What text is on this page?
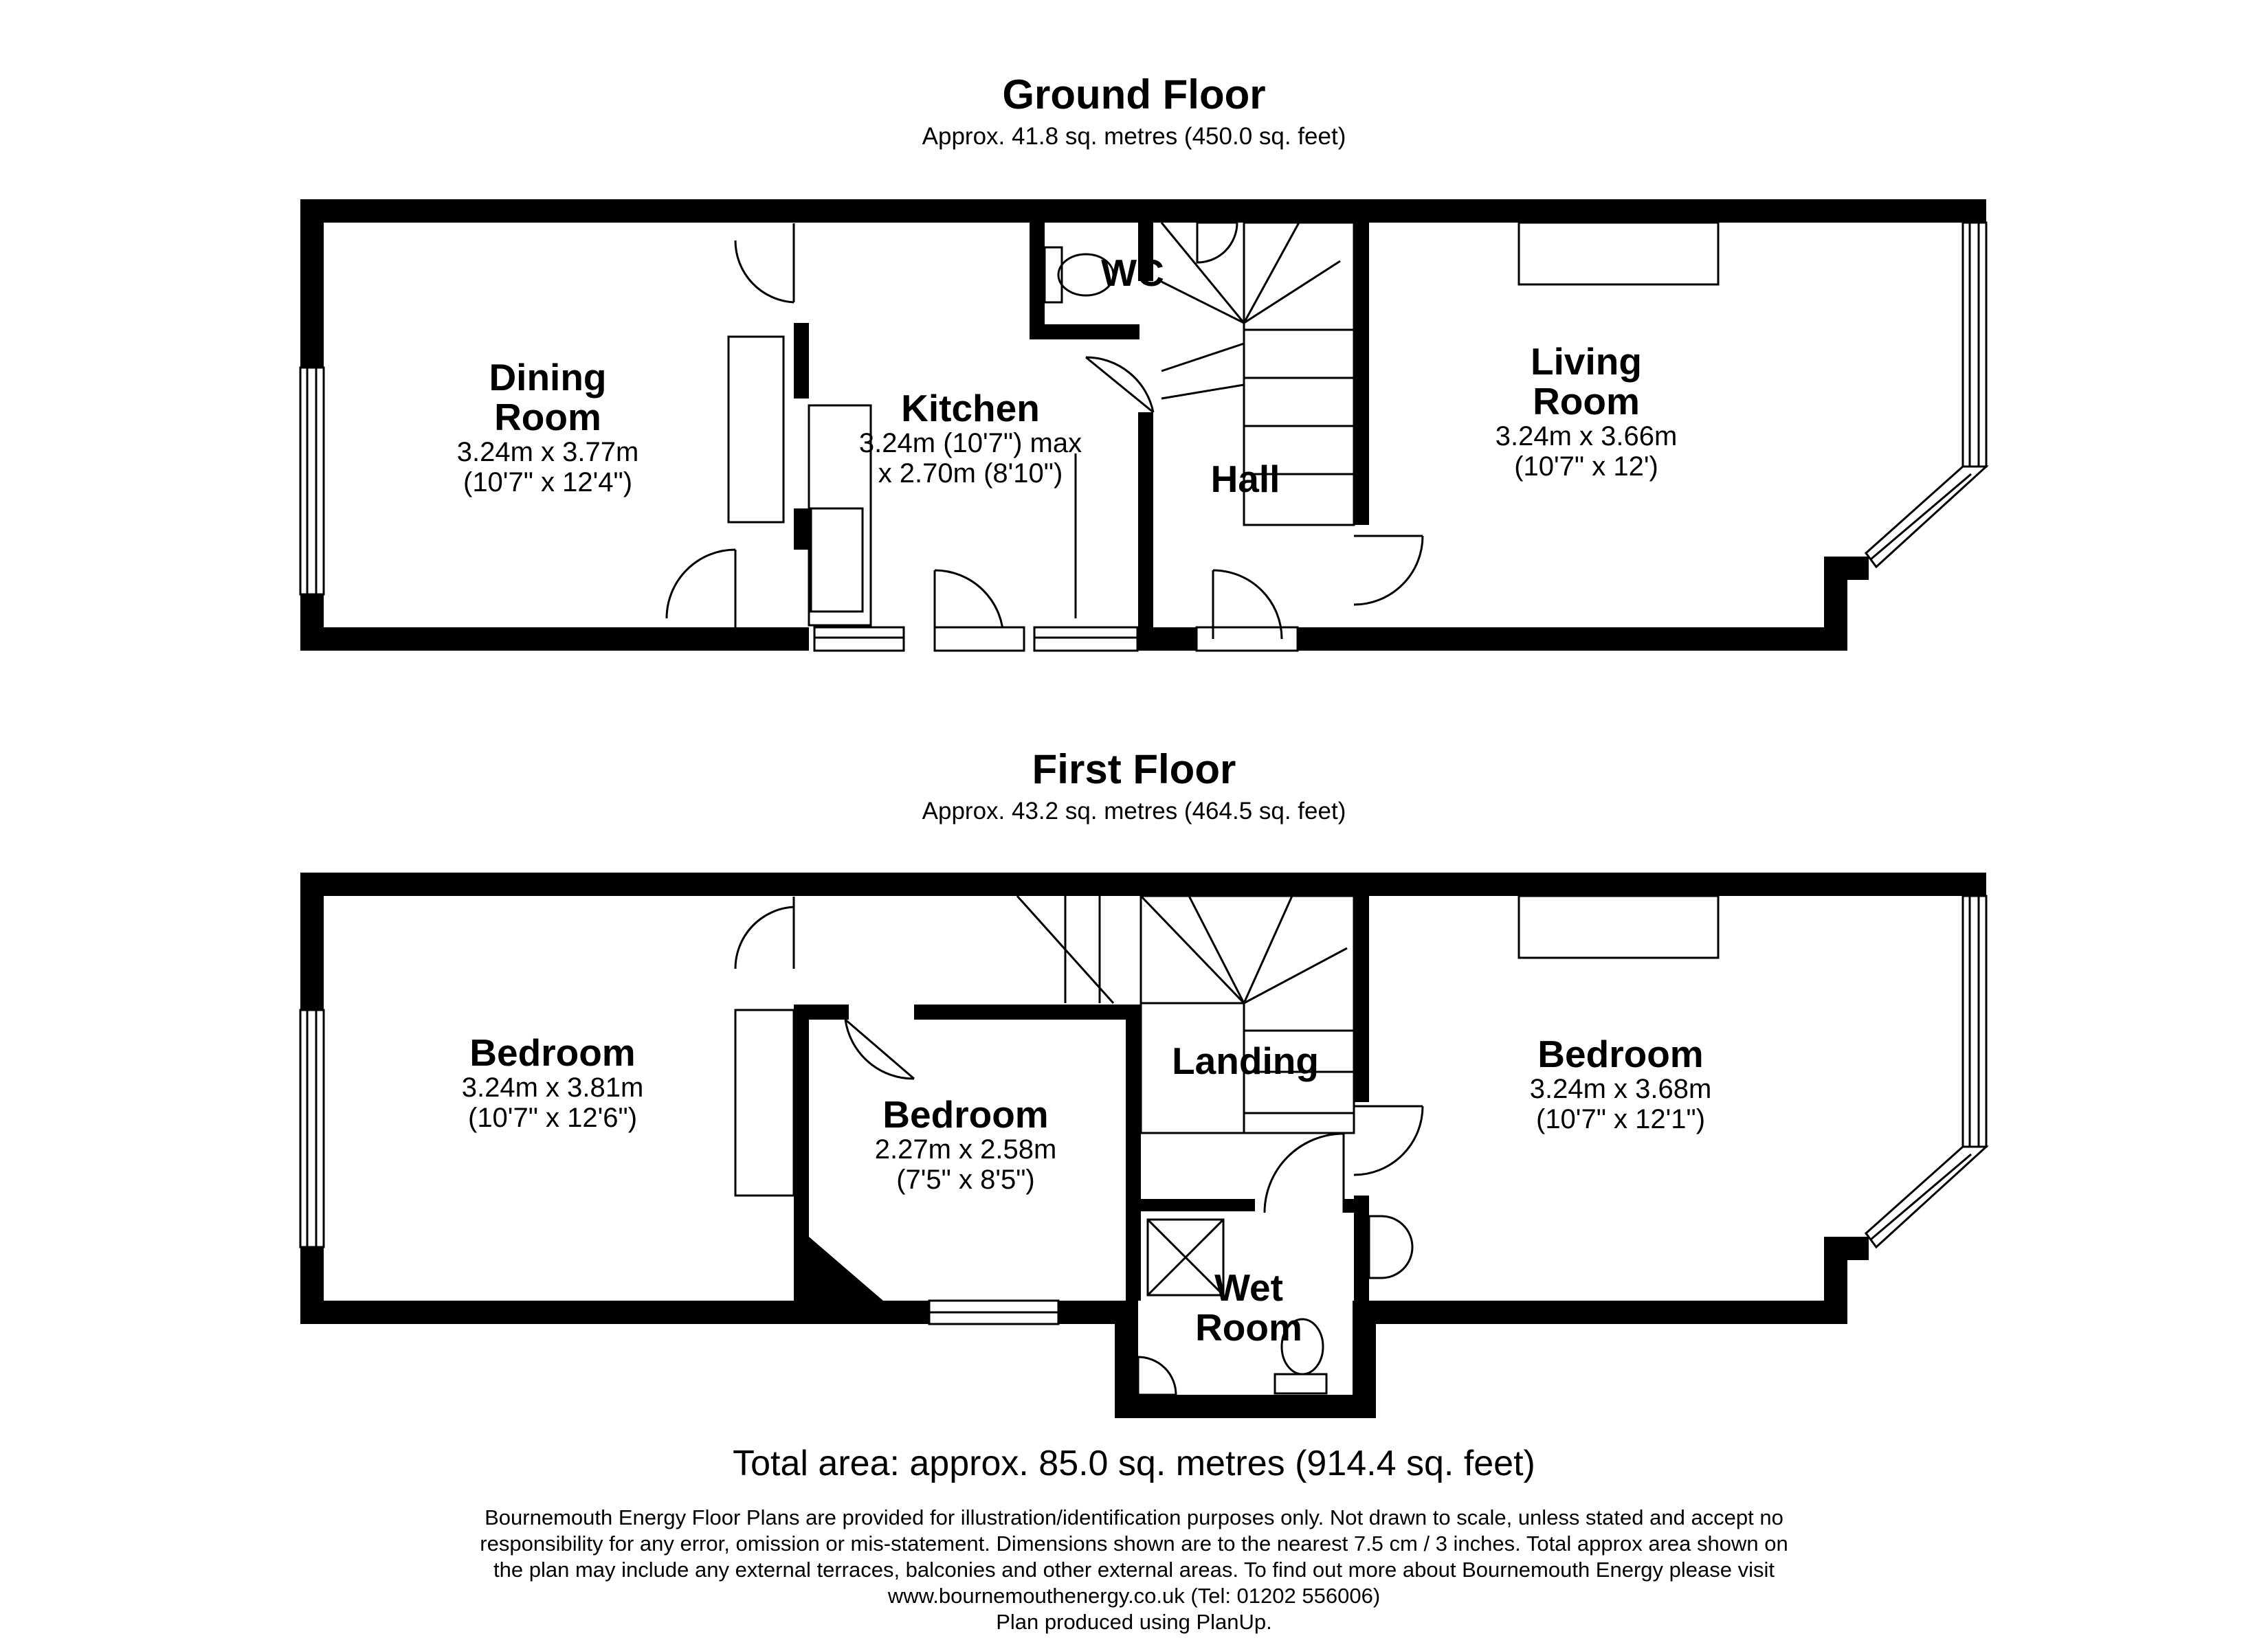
Ground Floor
Approx. 41.8 sq. metres (450.0 sq. feet)
First Floor
Approx. 43.2 sq. metres (464.5 sq. feet)
Dining
Room
3.24m x 3.77m
(10'7" x 12'4")
Kitchen
3.24m (10'7") max
x 2.70m (8'10")
WC
Hall
Living
Room
3.24m x 3.66m
(10'7" x 12')
Bedroom
3.24m x 3.81m
(10'7" x 12'6")	Bedroom
2.27m x 2.58m
(7'5" x 8'5")
Landing
Wet
Room
Bedroom
3.24m x 3.68m
(10'7" x 12'1")
Total area: approx. 85.0 sq. metres (914.4 sq. feet)
Bournemouth Energy Floor Plans are provided for illustration/identification purposes only. Not drawn to scale, unless stated and accept no
responsibility for any error, omission or mis-statement. Dimensions shown are to the nearest 7.5 cm / 3 inches. Total approx area shown on
the plan may include any external terraces, balconies and other external areas. To find out more about Bournemouth Energy please visit
www.bournemouthenergy.co.uk (Tel: 01202 556006)
Plan produced using PlanUp.
